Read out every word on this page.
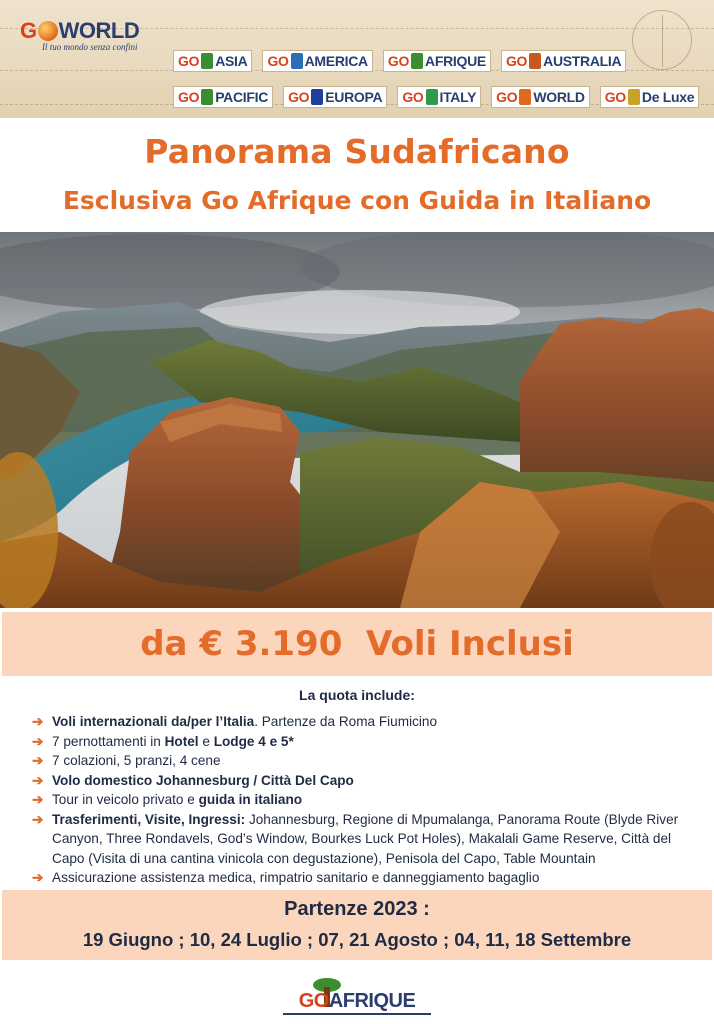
G WORLD
Il tuo mondo senza confini
GO ASIA GO AMERICA GO AFRIQUE GO AUSTRALIA
GO PACIFIC GO EUROPA GO ITALY GO WORLD GO De Luxe
Panorama Sudafricano
Esclusiva Go Afrique con Guida in Italiano
da € 3.190  Voli Inclusi
La quota include:
➔ Voli internazionali da/per l’Italia. Partenze da Roma Fiumicino
➔ 7 pernottamenti in Hotel e Lodge 4 e 5*
➔ 7 colazioni, 5 pranzi, 4 cene
➔ Volo domestico Johannesburg / Città Del Capo
➔ Tour in veicolo privato e guida in italiano
➔ Trasferimenti, Visite, Ingressi: Johannesburg, Regione di Mpumalanga, Panorama Route (Blyde River Canyon, Three Rondavels, God’s Window, Bourkes Luck Pot Holes), Makalali Game Reserve, Città del Capo (Visita di una cantina vinicola con degustazione), Penisola del Capo, Table Mountain
➔ Assicurazione assistenza medica, rimpatrio sanitario e danneggiamento bagaglio
Partenze 2023 :
19 Giugno ; 10, 24 Luglio ; 07, 21 Agosto ; 04, 11, 18 Settembre
GOAFRIQUE
